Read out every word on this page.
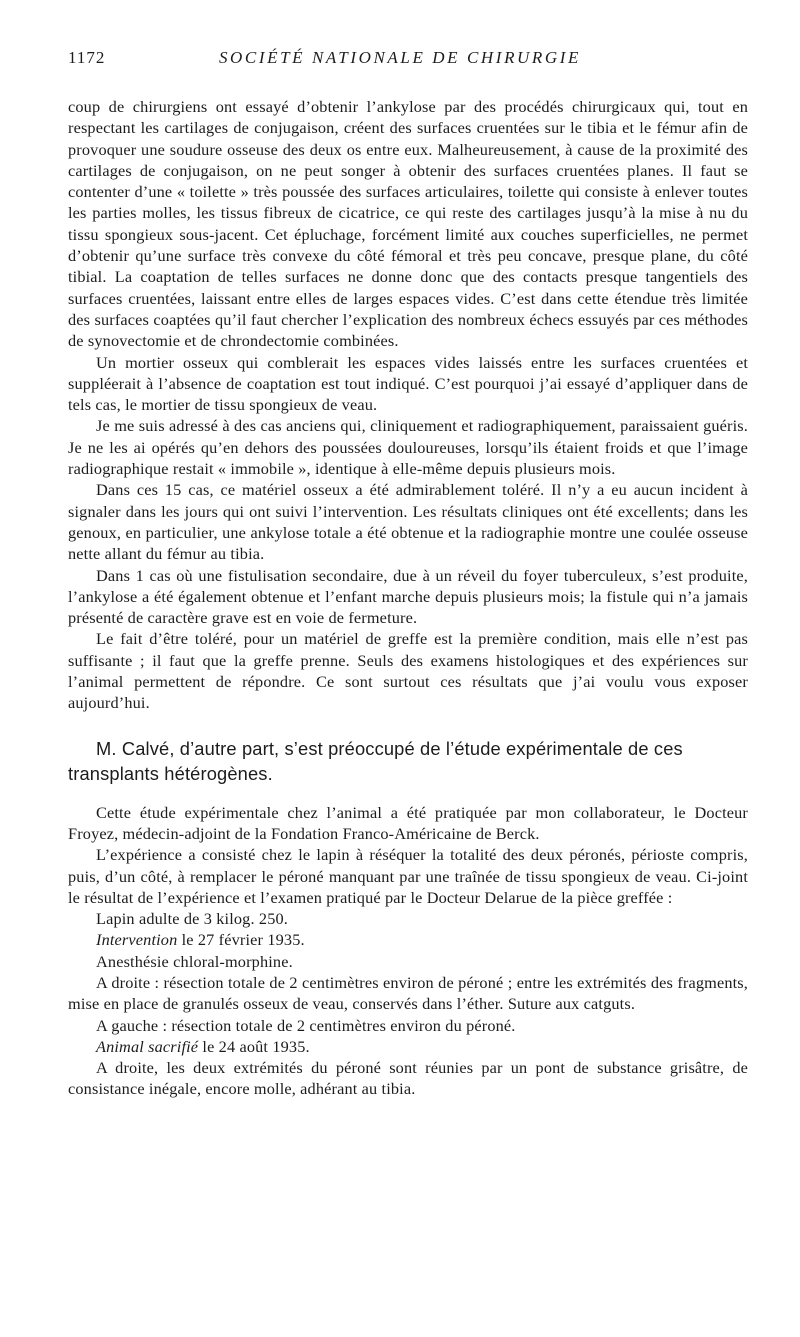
1172	SOCIÉTÉ NATIONALE DE CHIRURGIE

coup de chirurgiens ont essayé d’obtenir l’ankylose par des procédés chirurgicaux qui, tout en respectant les cartilages de conjugaison, créent des surfaces cruentées sur le tibia et le fémur afin de provoquer une soudure osseuse des deux os entre eux. Malheureusement, à cause de la proximité des cartilages de conjugaison, on ne peut songer à obtenir des surfaces cruentées planes. Il faut se contenter d’une « toilette » très poussée des surfaces articulaires, toilette qui consiste à enlever toutes les parties molles, les tissus fibreux de cicatrice, ce qui reste des cartilages jusqu’à la mise à nu du tissu spongieux sous-jacent. Cet épluchage, forcément limité aux couches superficielles, ne permet d’obtenir qu’une surface très convexe du côté fémoral et très peu concave, presque plane, du côté tibial. La coaptation de telles surfaces ne donne donc que des contacts presque tangentiels des surfaces cruentées, laissant entre elles de larges espaces vides. C’est dans cette étendue très limitée des surfaces coaptées qu’il faut chercher l’explication des nombreux échecs essuyés par ces méthodes de synovectomie et de chrondectomie combinées.

Un mortier osseux qui comblerait les espaces vides laissés entre les surfaces cruentées et suppléerait à l’absence de coaptation est tout indiqué. C’est pourquoi j’ai essayé d’appliquer dans de tels cas, le mortier de tissu spongieux de veau.

Je me suis adressé à des cas anciens qui, cliniquement et radiographiquement, paraissaient guéris. Je ne les ai opérés qu’en dehors des poussées douloureuses, lorsqu’ils étaient froids et que l’image radiographique restait « immobile », identique à elle-même depuis plusieurs mois.

Dans ces 15 cas, ce matériel osseux a été admirablement toléré. Il n’y a eu aucun incident à signaler dans les jours qui ont suivi l’intervention. Les résultats cliniques ont été excellents; dans les genoux, en particulier, une ankylose totale a été obtenue et la radiographie montre une coulée osseuse nette allant du fémur au tibia.

Dans 1 cas où une fistulisation secondaire, due à un réveil du foyer tuberculeux, s’est produite, l’ankylose a été également obtenue et l’enfant marche depuis plusieurs mois; la fistule qui n’a jamais présenté de caractère grave est en voie de fermeture.

Le fait d’être toléré, pour un matériel de greffe est la première condition, mais elle n’est pas suffisante ; il faut que la greffe prenne. Seuls des examens histologiques et des expériences sur l’animal permettent de répondre. Ce sont surtout ces résultats que j’ai voulu vous exposer aujourd’hui.

M. Calvé, d’autre part, s’est préoccupé de l’étude expérimentale de ces transplants hétérogènes.

Cette étude expérimentale chez l’animal a été pratiquée par mon collaborateur, le Docteur Froyez, médecin-adjoint de la Fondation Franco-Américaine de Berck.

L’expérience a consisté chez le lapin à réséquer la totalité des deux péronés, périoste compris, puis, d’un côté, à remplacer le péroné manquant par une traînée de tissu spongieux de veau. Ci-joint le résultat de l’expérience et l’examen pratiqué par le Docteur Delarue de la pièce greffée :

Lapin adulte de 3 kilog. 250.

Intervention le 27 février 1935.

Anesthésie chloral-morphine.

A droite : résection totale de 2 centimètres environ de péroné ; entre les extrémités des fragments, mise en place de granulés osseux de veau, conservés dans l’éther. Suture aux catguts.

A gauche : résection totale de 2 centimètres environ du péroné.

Animal sacrifié le 24 août 1935.

A droite, les deux extrémités du péroné sont réunies par un pont de substance grisâtre, de consistance inégale, encore molle, adhérant au tibia.
